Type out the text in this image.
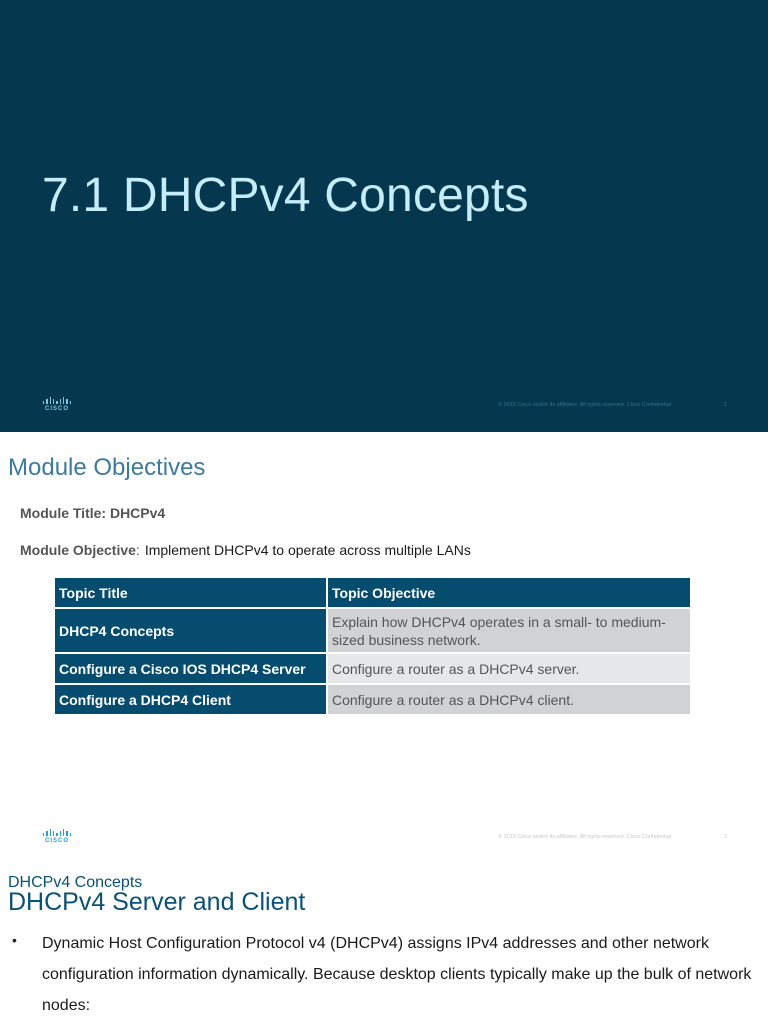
7.1 DHCPv4 Concepts
CISCO
© 2016 Cisco and/or its affiliates. All rights reserved. Cisco Confidential	1
Module Objectives
Module Title: DHCPv4
Module Objective: Implement DHCPv4 to operate across multiple LANs
Topic Title	Topic Objective
DHCP4 Concepts	Explain how DHCPv4 operates in a small- to medium-sized business network.
Configure a Cisco IOS DHCP4 Server	Configure a router as a DHCPv4 server.
Configure a DHCP4 Client	Configure a router as a DHCPv4 client.
CISCO
© 2016 Cisco and/or its affiliates. All rights reserved. Cisco Confidential	2
DHCPv4 Concepts
DHCPv4 Server and Client
• Dynamic Host Configuration Protocol v4 (DHCPv4) assigns IPv4 addresses and other network configuration information dynamically. Because desktop clients typically make up the bulk of network nodes:
